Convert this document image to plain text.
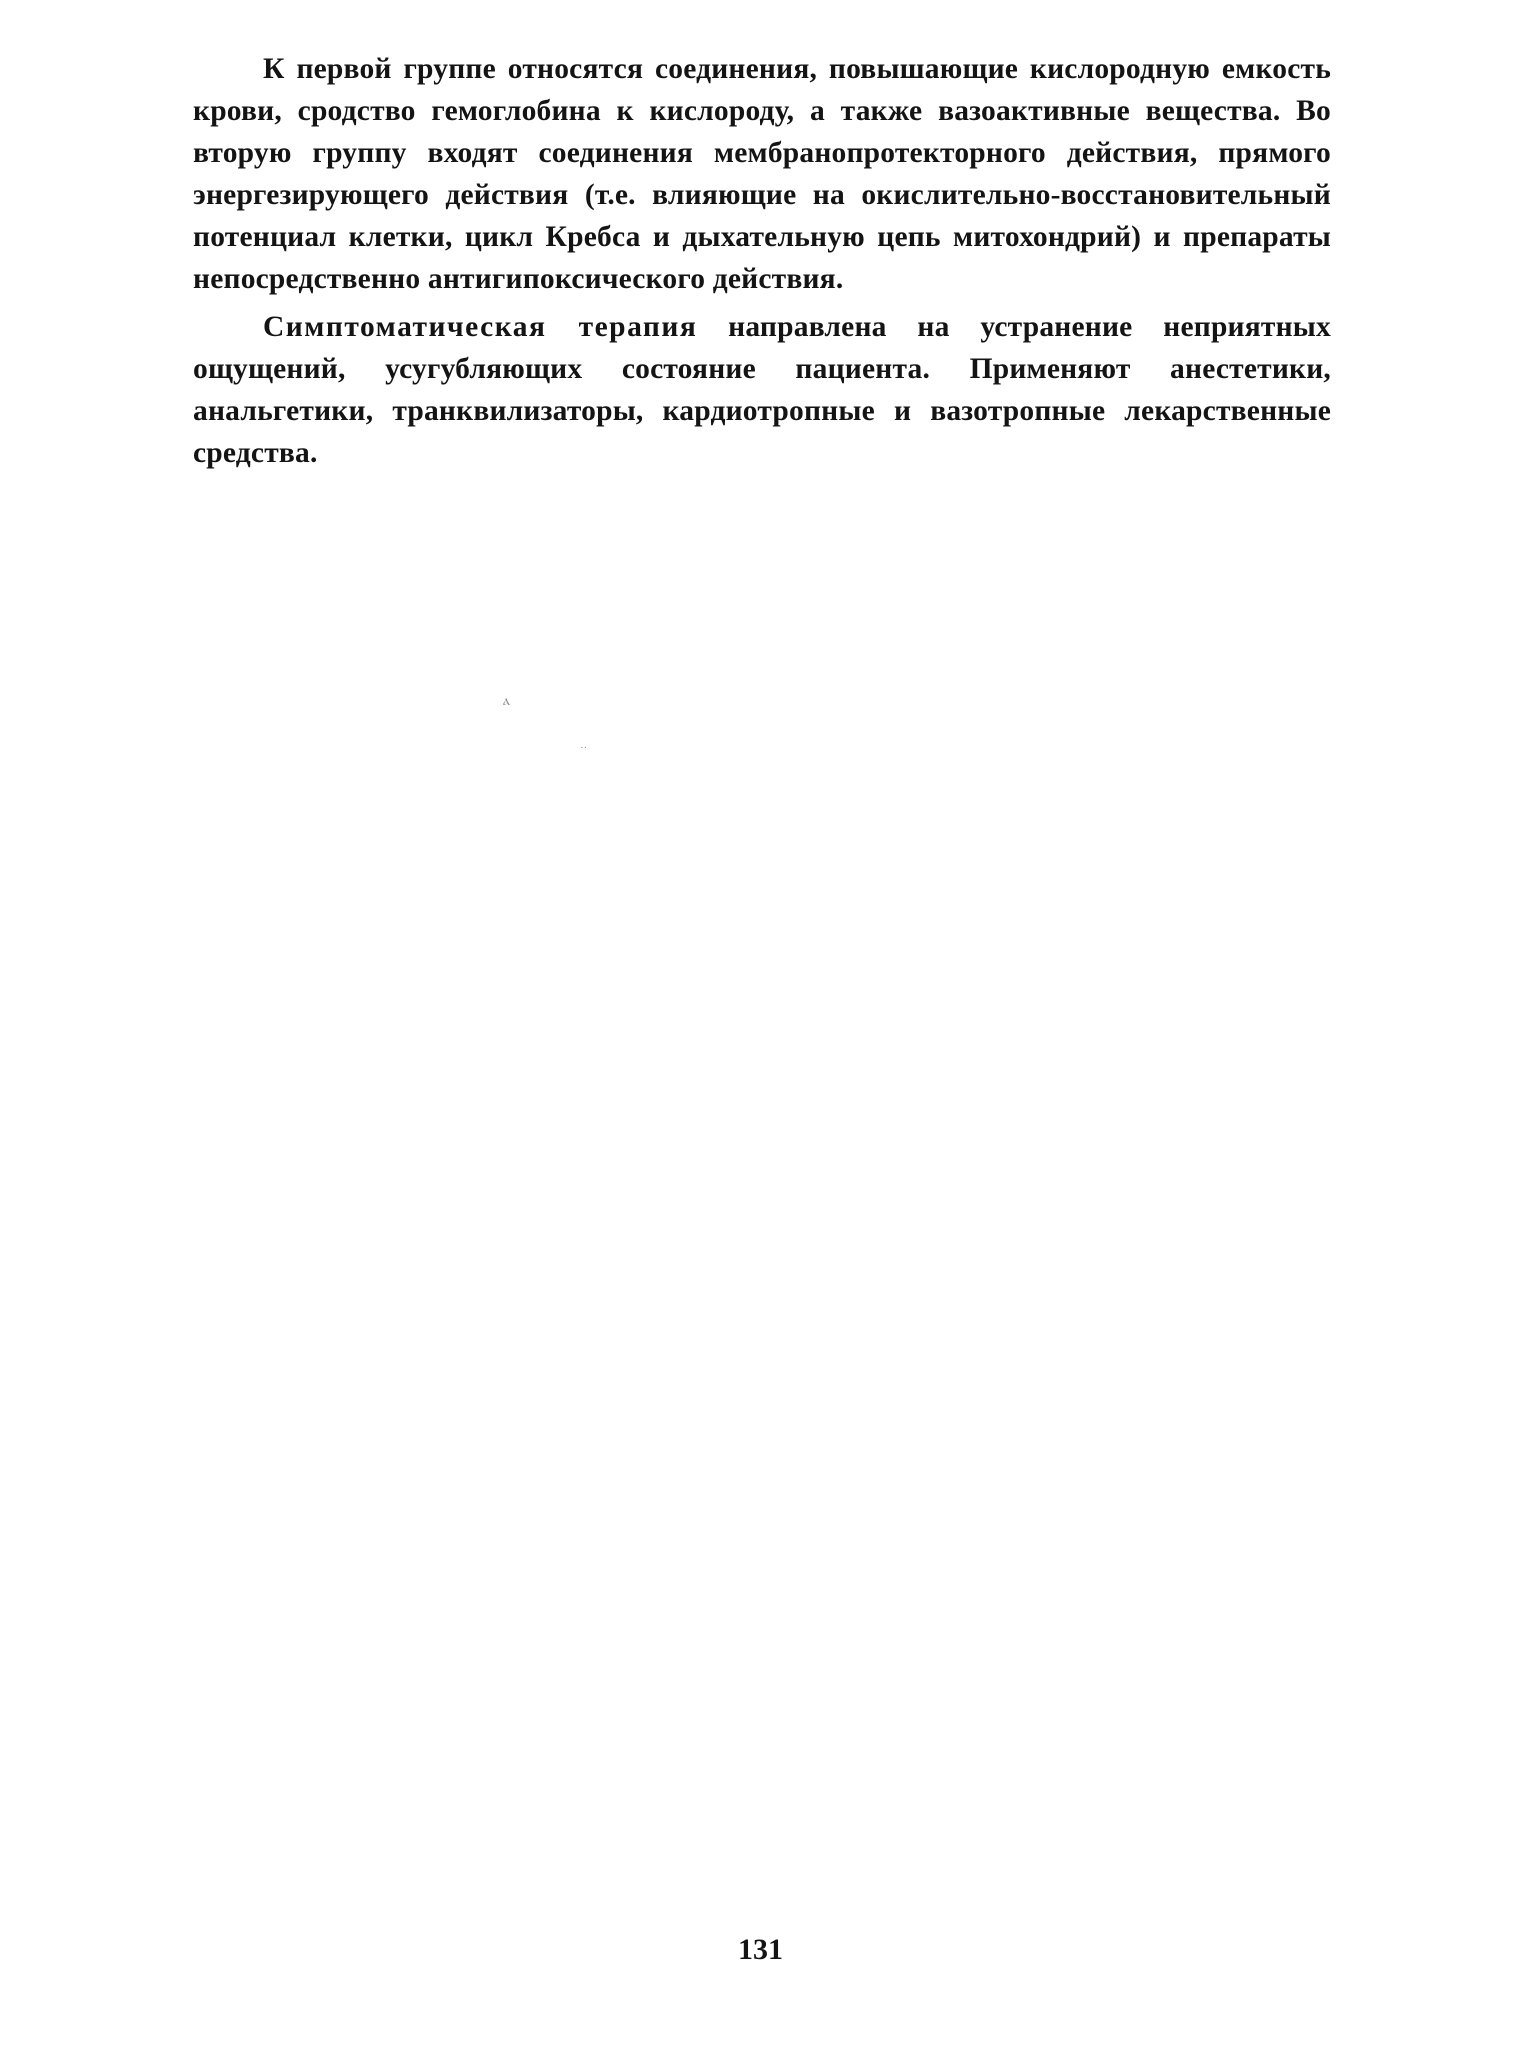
К первой группе относятся соединения, повышающие кислородную емкость крови, сродство гемоглобина к кислороду, а также вазоактивные вещества. Во вторую группу входят соединения мембранопротекторного действия, прямого энергезирующего действия (т.е. влияющие на окислительно-восстановительный потенциал клетки, цикл Кребса и дыхательную цепь митохондрий) и препараты непосредственно антигипоксического действия.

Симптоматическая терапия направлена на устранение неприятных ощущений, усугубляющих состояние пациента. Применяют анестетики, анальгетики, транквилизаторы, кардиотропные и вазотропные лекарственные средства.

ⲁ
··
131
